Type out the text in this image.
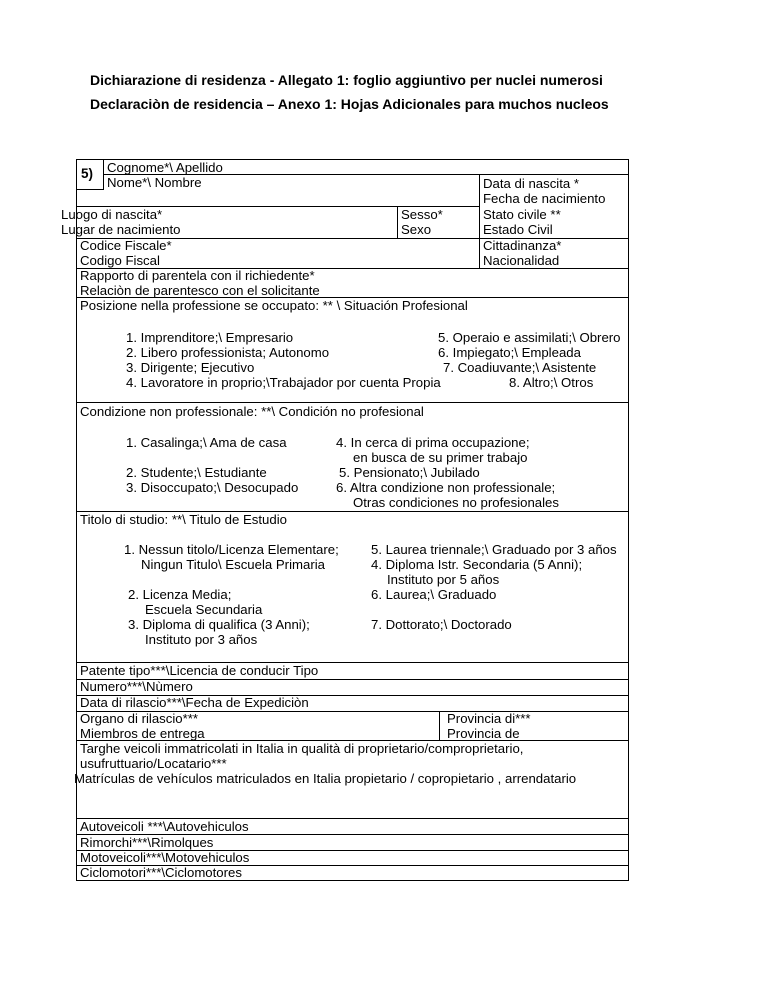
Dichiarazione di residenza - Allegato 1: foglio aggiuntivo per nuclei numerosi
Declaraciòn de residencia – Anexo 1: Hojas Adicionales para muchos nucleos
5) Cognome*\ Apellido
Nome*\ Nombre	Data di nascita *
Fecha de nacimiento
Luogo di nascita*
Lugar de nacimiento
Sesso*
Sexo
Stato civile **
Estado Civil
Codice Fiscale*
Codigo Fiscal
Cittadinanza*
Nacionalidad
Rapporto di parentela con il richiedente*
Relaciòn de parentesco con el solicitante
Posizione nella professione se occupato: ** \ Situación Profesional
1. Imprenditore;\ Empresario
2. Libero professionista; Autonomo
3. Dirigente; Ejecutivo
4. Lavoratore in proprio;\Trabajador por cuenta Propia
5. Operaio e assimilati;\ Obrero
6. Impiegato;\ Empleada
7. Coadiuvante;\ Asistente
8. Altro;\ Otros
Condizione non professionale: **\ Condición no profesional
1. Casalinga;\ Ama de casa
2. Studente;\ Estudiante
3. Disoccupato;\ Desocupado
4. In cerca di prima occupazione;
en busca de su primer trabajo
5. Pensionato;\ Jubilado
6. Altra condizione non professionale;
Otras condiciones no profesionales
Titolo di studio: **\ Titulo de Estudio
1. Nessun titolo/Licenza Elementare;
Ningun Titulo\ Escuela Primaria
2. Licenza Media;
Escuela Secundaria
3. Diploma di qualifica (3 Anni);
Instituto por 3 años
5. Laurea triennale;\ Graduado por 3 años
4. Diploma Istr. Secondaria (5 Anni);
Instituto por 5 años
6. Laurea;\ Graduado
7. Dottorato;\ Doctorado
Patente tipo***\Licencia de conducir Tipo
Numero***\Nùmero
Data di rilascio***\Fecha de Expediciòn
Organo di rilascio***
Miembros de entrega
Provincia di***
Provincia de
Targhe veicoli immatricolati in Italia in qualità di proprietario/comproprietario,
usufruttuario/Locatario***
Matrículas de vehículos matriculados en Italia propietario / copropietario , arrendatario
Autoveicoli ***\Autovehiculos
Rimorchi***\Rimolques
Motoveicoli***\Motovehiculos
Ciclomotori***\Ciclomotores
